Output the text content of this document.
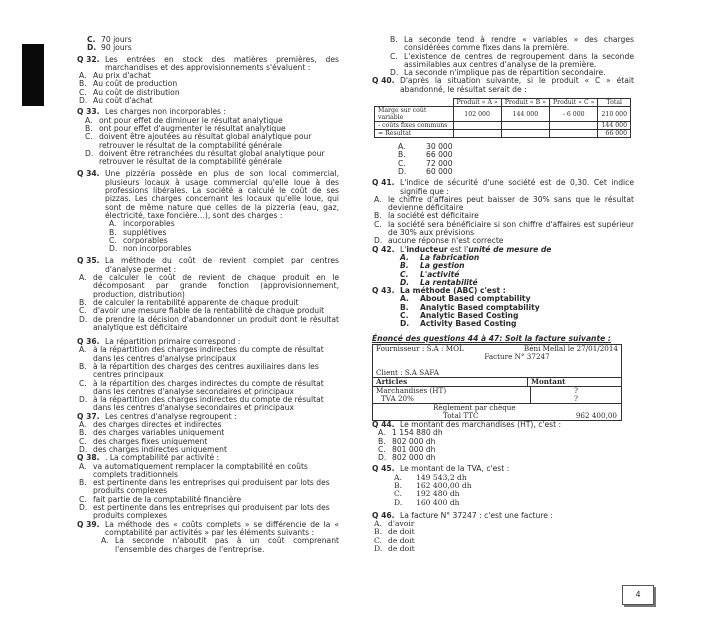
C. 70 jours
D. 90 jours
Q 32. Les entrées en stock des matières premières, des marchandises et des approvisionnements s'évaluent :
A. Au prix d'achat
B. Au coût de production
C. Au coût de distribution
D. Au coût d'achat
Q 33. Les charges non incorporables :
A. ont pour effet de diminuer le résultat analytique
B. ont pour effet d'augmenter le résultat analytique
C. doivent être ajoutées au résultat global analytique pour retrouver le résultat de la comptabilité générale
D. doivent être retranchées du résultat global analytique pour retrouver le résultat de la comptabilité générale
Q 34. Une pizzéria possède en plus de son local commercial, plusieurs locaux à usage commercial qu'elle loue à des professions libérales. La société a calculé le coût de ses pizzas. Les charges concernant les locaux qu'elle loue, qui sont de même nature que celles de la pizzeria (eau, gaz, électricité, taxe foncière…), sont des charges :
A. incorporables
B. supplétives
C. corporables
D. non incorporables
Q 35. La méthode du coût de revient complet par centres d'analyse permet :
A. de calculer le coût de revient de chaque produit en le décomposant par grande fonction (approvisionnement, production, distribution)
B. de calculer la rentabilité apparente de chaque produit
C. d'avoir une mesure fiable de la rentabilité de chaque produit
D. de prendre la décision d'abandonner un produit dont le résultat analytique est déficitaire
Q 36. La répartition primaire correspond :
A. à la répartition des charges indirectes du compte de résultat dans les centres d'analyse principaux
B. à la répartition des charges des centres auxiliaires dans les centres principaux
C. à la répartition des charges indirectes du compte de résultat dans les centres d'analyse secondaires et principaux
D. à la répartition des charges indirectes du compte de résultat dans les centres d'analyse secondaires et principaux
Q 37. Les centres d'analyse regroupent :
A. des charges directes et indirectes
B. des charges variables uniquement
C. des charges fixes uniquement
D. des charges indirectes uniquement
Q 38. . La comptabilité par activité :
A. va automatiquement remplacer la comptabilité en coûts complets traditionnels
B. est pertinente dans les entreprises qui produisent par lots des produits complexes
C. fait partie de la comptabilité financière
D. est pertinente dans les entreprises qui produisent par lots des produits complexes
Q 39. La méthode des « coûts complets » se différencie de la « comptabilité par activités » par les éléments suivants :
A. La seconde n'aboutit pas à un coût comprenant l'ensemble des charges de l'entreprise.
B. La seconde tend à rendre « variables » des charges considérées comme fixes dans la première.
C. L'existence de centres de regroupement dans la seconde assimilables aux centres d'analyse de la première.
D. La seconde n'implique pas de répartition secondaire.
Q 40. D'après la situation suivante, si le produit « C » était abandonné, le résultat serait de :
	Produit « A »	Produit « B »	Produit « C »	Total
Marge sur coût variable	102 000	144 000	- 6 000	210 000
- coûts fixes communs				144 000
= Résultat				66 000
A.	30 000
B.	66 000
C.	72 000
D.	60 000
Q 41. L'indice de sécurité d'une société est de 0,30. Cet indice signifie que :
A. le chiffre d'affaires peut baisser de 30% sans que le résultat devienne déficitaire
B. la société est déficitaire
C. la société sera bénéficiaire si son chiffre d'affaires est supérieur de 30% aux prévisions
D. aucune réponse n'est correcte
Q 42. L'inducteur est l'unité de mesure de
A.	La fabrication
B.	La gestion
C.	L'activité
D.	La rentabilité
Q 43. La méthode (ABC) c'est :
A.	About Based comptability
B.	Analytic Based comptability
C.	Analytic Based Costing
D.	Activity Based Costing
Énoncé des questions 44 à 47: Soit la facture suivante :
Fournisseur : S.A : MOL	Béni Mellal le 27/01/2014
Facture N° 37247
Client : S.A SAFA
Articles	Montant
Marchandises (HT)	?
TVA 20%	?
Règlement par chèque
Total TTC	962 400,00
Q 44. Le montant des marchandises (HT), c'est :
A. 1 154 880 dh
B. 802 000 dh
C. 801 000 dh
D. 802 000 dh
Q 45. Le montant de la TVA, c'est :
A.	149 543,2 dh
B.	162 400,00 dh
C.	192 480 dh
D.	160 400 dh
Q 46. La facture N° 37247 : c'est une facture :
A. d'avoir
B. de doit
C. de doit
D. de doit
4
